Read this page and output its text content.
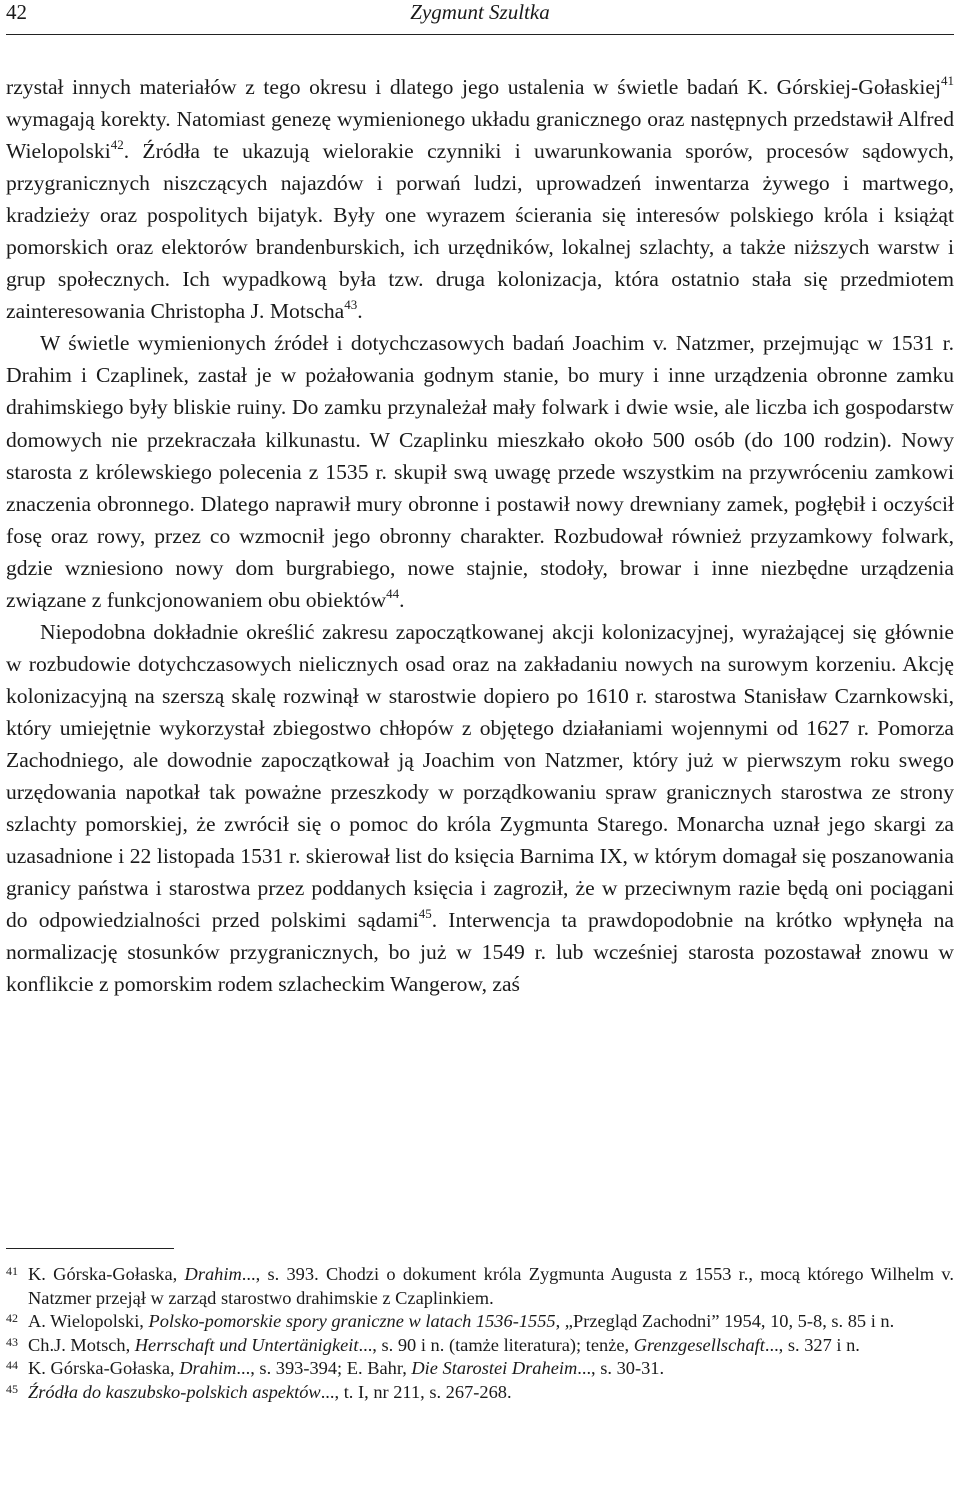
42	Zygmunt Szultka

rzystał innych materiałów z tego okresu i dlatego jego ustalenia w świetle badań K. Górskiej-Gołaskiej$^{41}$ wymagają korekty. Natomiast genezę wymienionego układu granicznego oraz następnych przedstawił Alfred Wielopolski$^{42}$. Źródła te ukazują wielorakie czynniki i uwarunkowania sporów, procesów sądowych, przygranicznych niszczących najazdów i porwań ludzi, uprowadzeń inwentarza żywego i martwego, kradzieży oraz pospolitych bijatyk. Były one wyrazem ścierania się interesów polskiego króla i książąt pomorskich oraz elektorów brandenburskich, ich urzędników, lokalnej szlachty, a także niższych warstw i grup społecznych. Ich wypadkową była tzw. druga kolonizacja, która ostatnio stała się przedmiotem zainteresowania Christopha J. Motscha$^{43}$.

W świetle wymienionych źródeł i dotychczasowych badań Joachim v. Natzmer, przejmując w 1531 r. Drahim i Czaplinek, zastał je w pożałowania godnym stanie, bo mury i inne urządzenia obronne zamku drahimskiego były bliskie ruiny. Do zamku przynależał mały folwark i dwie wsie, ale liczba ich gospodarstw domowych nie przekraczała kilkunastu. W Czaplinku mieszkało około 500 osób (do 100 rodzin). Nowy starosta z królewskiego polecenia z 1535 r. skupił swą uwagę przede wszystkim na przywróceniu zamkowi znaczenia obronnego. Dlatego naprawił mury obronne i postawił nowy drewniany zamek, pogłębił i oczyścił fosę oraz rowy, przez co wzmocnił jego obronny charakter. Rozbudował również przyzamkowy folwark, gdzie wzniesiono nowy dom burgrabiego, nowe stajnie, stodoły, browar i inne niezbędne urządzenia związane z funkcjonowaniem obu obiektów$^{44}$.

Niepodobna dokładnie określić zakresu zapoczątkowanej akcji kolonizacyjnej, wyrażającej się głównie w rozbudowie dotychczasowych nielicznych osad oraz na zakładaniu nowych na surowym korzeniu. Akcję kolonizacyjną na szerszą skalę rozwinął w starostwie dopiero po 1610 r. starostwa Stanisław Czarnkowski, który umiejętnie wykorzystał zbiegostwo chłopów z objętego działaniami wojennymi od 1627 r. Pomorza Zachodniego, ale dowodnie zapoczątkował ją Joachim von Natzmer, który już w pierwszym roku swego urzędowania napotkał tak poważne przeszkody w porządkowaniu spraw granicznych starostwa ze strony szlachty pomorskiej, że zwrócił się o pomoc do króla Zygmunta Starego. Monarcha uznał jego skargi za uzasadnione i 22 listopada 1531 r. skierował list do księcia Barnima IX, w którym domagał się poszanowania granicy państwa i starostwa przez poddanych księcia i zagroził, że w przeciwnym razie będą oni pociągani do odpowiedzialności przed polskimi sądami$^{45}$. Interwencja ta prawdopodobnie na krótko wpłynęła na normalizację stosunków przygranicznych, bo już w 1549 r. lub wcześniej starosta pozostawał znowu w konflikcie z pomorskim rodem szlacheckim Wangerow, zaś

41 K. Górska-Gołaska, Drahim..., s. 393. Chodzi o dokument króla Zygmunta Augusta z 1553 r., mocą którego Wilhelm v. Natzmer przejął w zarząd starostwo drahimskie z Czaplinkiem.
42 A. Wielopolski, Polsko-pomorskie spory graniczne w latach 1536-1555, „Przegląd Zachodni” 1954, 10, 5-8, s. 85 i n.
43 Ch.J. Motsch, Herrschaft und Untertänigkeit..., s. 90 i n. (tamże literatura); tenże, Grenzgesellschaft..., s. 327 i n.
44 K. Górska-Gołaska, Drahim..., s. 393-394; E. Bahr, Die Starostei Draheim..., s. 30-31.
45 Źródła do kaszubsko-polskich aspektów..., t. I, nr 211, s. 267-268.
